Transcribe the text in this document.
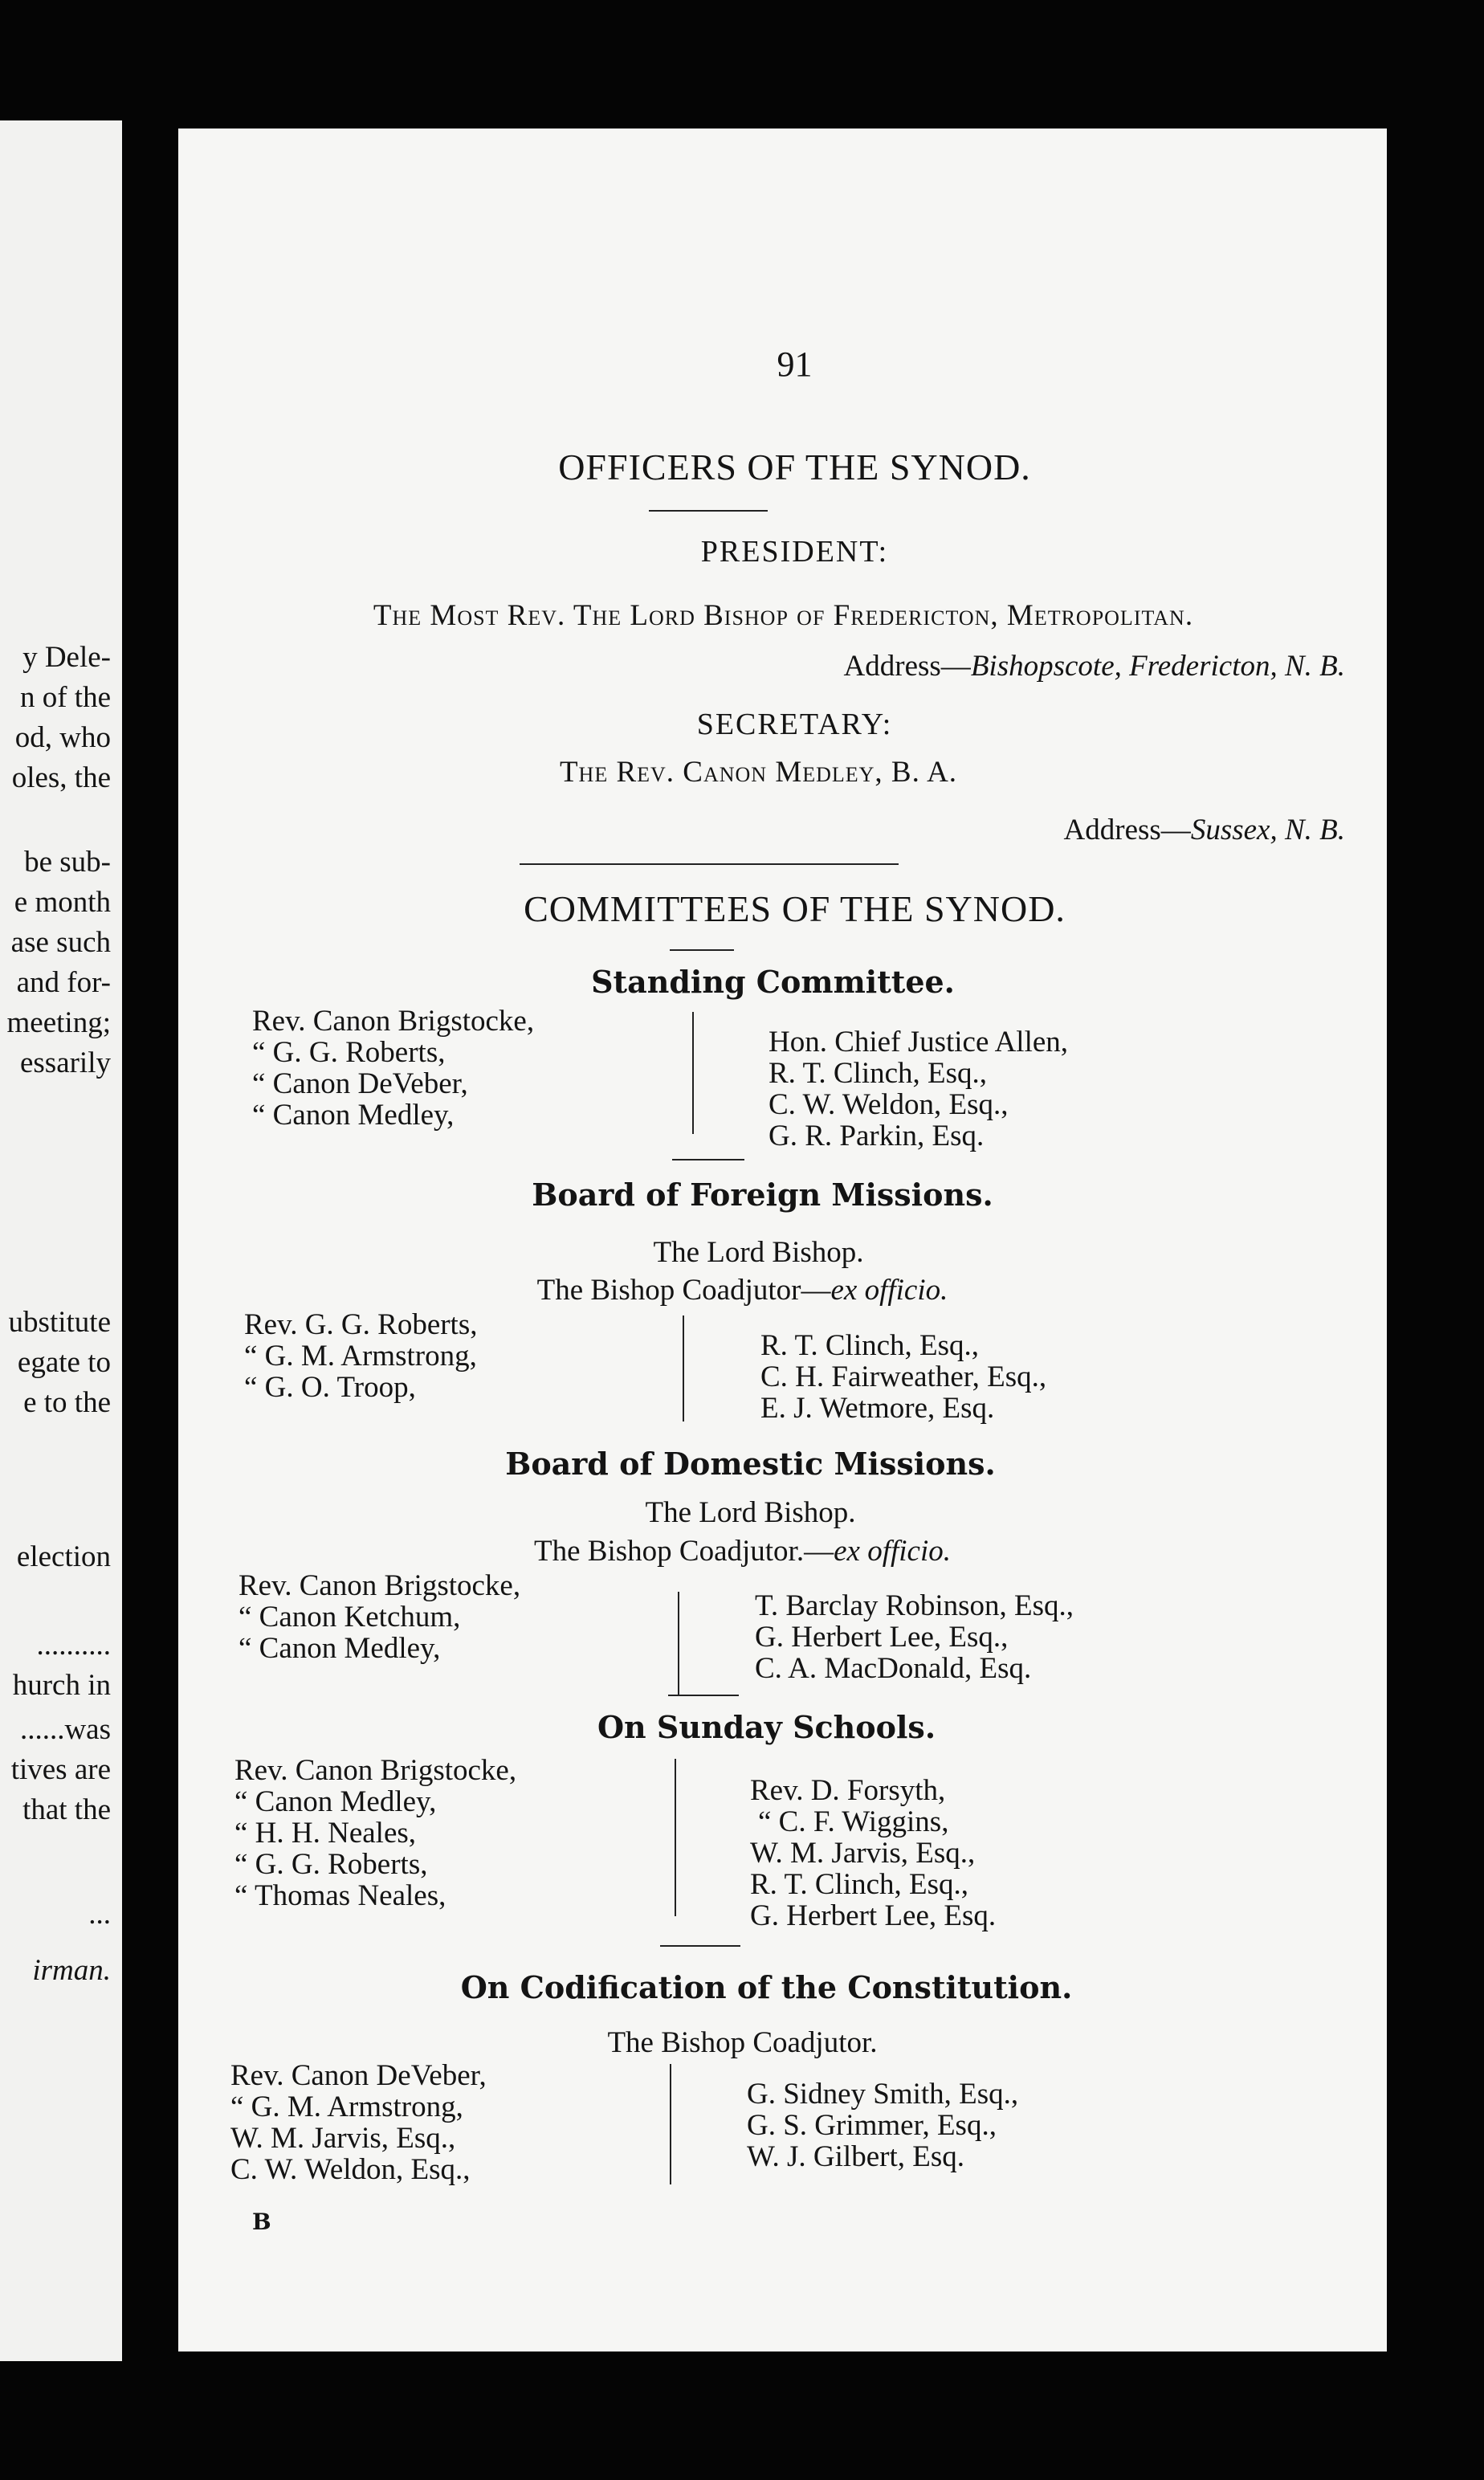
y Dele-
n of the
od, who
oles, the
be sub-
e month
ase such
and for-
meeting;
essarily
ubstitute
egate to
e to the
election
..........
hurch in
......was
tives are
that the
...
irman.
91
OFFICERS OF THE SYNOD.
PRESIDENT:
The Most Rev. The Lord Bishop of Fredericton, Metropolitan.
Address—Bishopscote, Fredericton, N. B.
SECRETARY:
The Rev. Canon Medley, B. A.
Address—Sussex, N. B.
COMMITTEES OF THE SYNOD.
Standing Committee.
Rev. Canon Brigstocke,
“ G. G. Roberts,
“ Canon DeVeber,
“ Canon Medley,
Hon. Chief Justice Allen,
R. T. Clinch, Esq.,
C. W. Weldon, Esq.,
G. R. Parkin, Esq.
Board of Foreign Missions.
The Lord Bishop.
The Bishop Coadjutor—ex officio.
Rev. G. G. Roberts,
“ G. M. Armstrong,
“ G. O. Troop,
R. T. Clinch, Esq.,
C. H. Fairweather, Esq.,
E. J. Wetmore, Esq.
Board of Domestic Missions.
The Lord Bishop.
The Bishop Coadjutor.—ex officio.
Rev. Canon Brigstocke,
“ Canon Ketchum,
“ Canon Medley,
T. Barclay Robinson, Esq.,
G. Herbert Lee, Esq.,
C. A. MacDonald, Esq.
On Sunday Schools.
Rev. Canon Brigstocke,
“ Canon Medley,
“ H. H. Neales,
“ G. G. Roberts,
“ Thomas Neales,
Rev. D. Forsyth,
“ C. F. Wiggins,
W. M. Jarvis, Esq.,
R. T. Clinch, Esq.,
G. Herbert Lee, Esq.
On Codification of the Constitution.
The Bishop Coadjutor.
Rev. Canon DeVeber,
“ G. M. Armstrong,
W. M. Jarvis, Esq.,
C. W. Weldon, Esq.,
G. Sidney Smith, Esq.,
G. S. Grimmer, Esq.,
W. J. Gilbert, Esq.
B
